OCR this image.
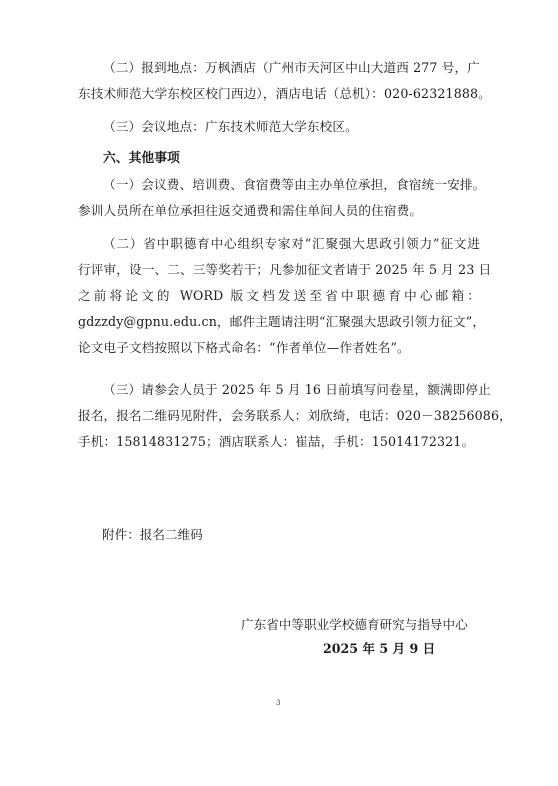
（二）报到地点：万枫酒店（广州市天河区中山大道西 277 号，广
东技术师范大学东校区校门西边），酒店电话（总机）：020-62321888。
（三）会议地点：广东技术师范大学东校区。
六、其他事项
（一）会议费、培训费、食宿费等由主办单位承担，食宿统一安排。
参训人员所在单位承担往返交通费和需住单间人员的住宿费。
（二）省中职德育中心组织专家对“汇聚强大思政引领力”征文进
行评审，设一、二、三等奖若干；凡参加征文者请于 2025 年 5 月 23 日
之前将论文的 WORD 版文档发送至省中职德育中心邮箱：
gdzzdy@gpnu.edu.cn，邮件主题请注明“汇聚强大思政引领力征文”，
论文电子文档按照以下格式命名：“作者单位—作者姓名”。
（三）请参会人员于 2025 年 5 月 16 日前填写问卷星，额满即停止
报名，报名二维码见附件，会务联系人：刘欣绮，电话：020－38256086，
手机：15814831275；酒店联系人：崔喆，手机：15014172321。
附件：报名二维码
广东省中等职业学校德育研究与指导中心
2025 年 5 月 9 日
3
